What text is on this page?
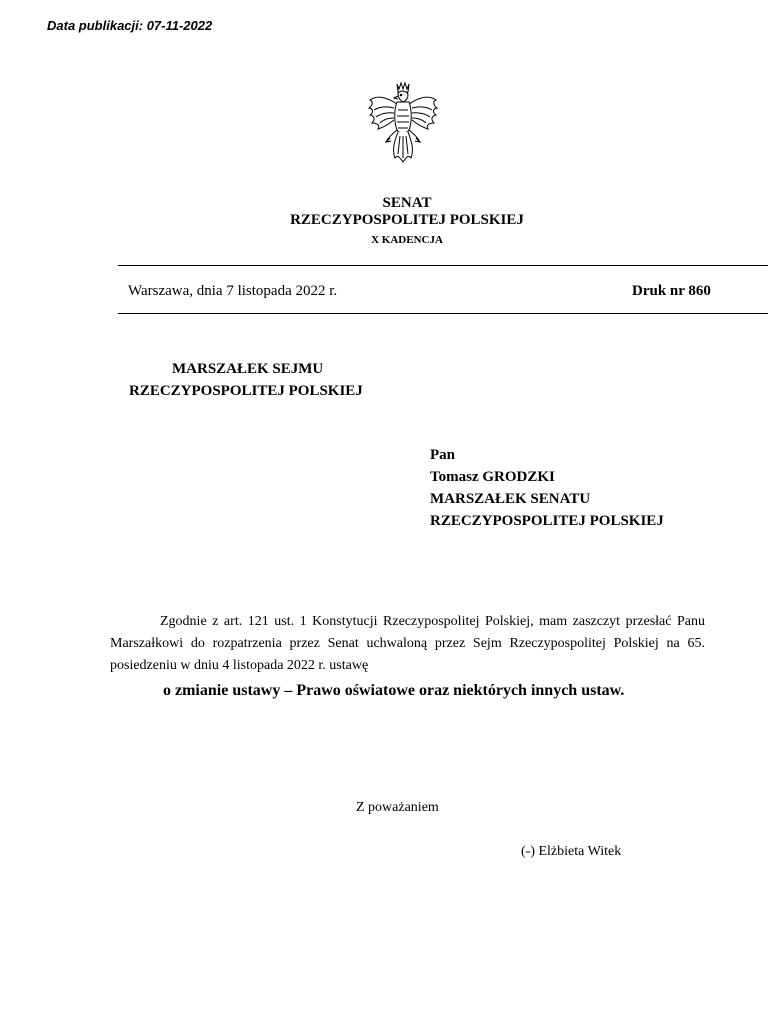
Data publikacji: 07-11-2022
SENAT
RZECZYPOSPOLITEJ POLSKIEJ
X KADENCJA
Warszawa, dnia 7 listopada 2022 r.	Druk nr 860
MARSZAŁEK SEJMU
RZECZYPOSPOLITEJ POLSKIEJ
Pan
Tomasz GRODZKI
MARSZAŁEK SENATU
RZECZYPOSPOLITEJ POLSKIEJ
Zgodnie z art. 121 ust. 1 Konstytucji Rzeczypospolitej Polskiej, mam zaszczyt przesłać Panu Marszałkowi do rozpatrzenia przez Senat uchwaloną przez Sejm Rzeczypospolitej Polskiej na 65. posiedzeniu w dniu 4 listopada 2022 r. ustawę
o zmianie ustawy – Prawo oświatowe oraz niektórych innych ustaw.
Z poważaniem
(-) Elżbieta Witek
